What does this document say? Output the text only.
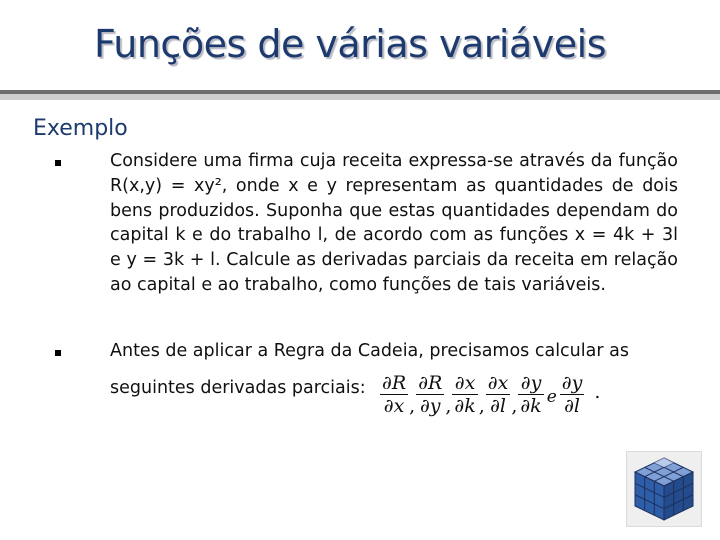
Funções de várias variáveis
Exemplo
Considere uma firma cuja receita expressa-se através da função R(x,y) = xy², onde x e y representam as quantidades de dois bens produzidos. Suponha que estas quantidades dependam do capital k e do trabalho l, de acordo com as funções x = 4k + 3l e y = 3k + l. Calcule as derivadas parciais da receita em relação ao capital e ao trabalho, como funções de tais variáveis.
Antes de aplicar a Regra da Cadeia, precisamos calcular as
seguintes derivadas parciais: $\frac{\partial R}{\partial x}$ , $\frac{\partial R}{\partial y}$ , $\frac{\partial x}{\partial k}$ , $\frac{\partial x}{\partial l}$ , $\frac{\partial y}{\partial k}$ e $\frac{\partial y}{\partial l}$ .
